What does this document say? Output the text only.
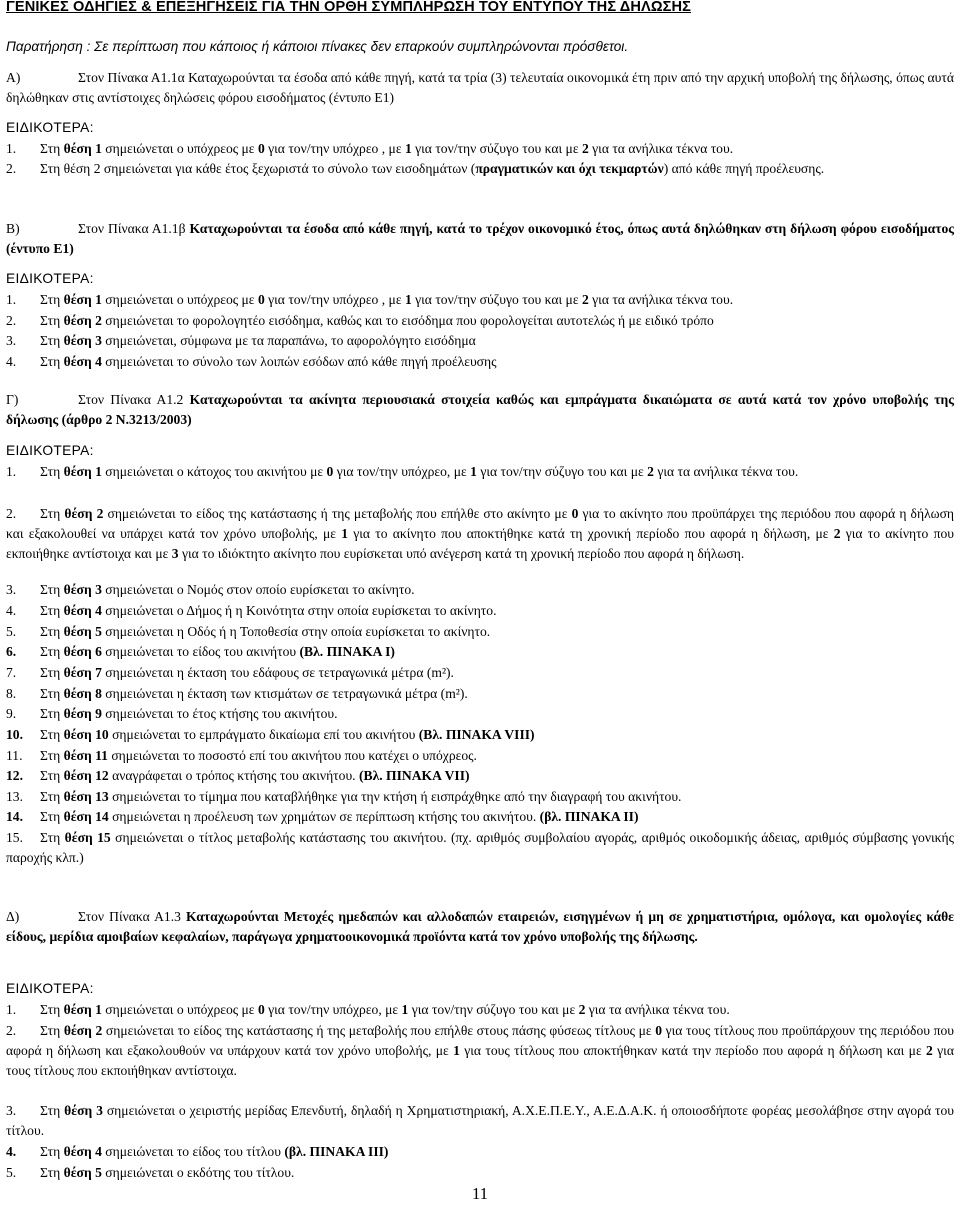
ΓΕΝΙΚΕΣ ΟΔΗΓΙΕΣ & ΕΠΕΞΗΓΗΣΕΙΣ ΓΙΑ ΤΗΝ ΟΡΘΗ ΣΥΜΠΛΗΡΩΣΗ ΤΟΥ ΕΝΤΥΠΟΥ ΤΗΣ ΔΗΛΩΣΗΣ
Παρατήρηση : Σε περίπτωση που κάποιος ή κάποιοι πίνακες δεν επαρκούν συμπληρώνονται πρόσθετοι.
Α)	Στον Πίνακα Α1.1α Καταχωρούνται τα έσοδα από κάθε πηγή, κατά τα τρία (3) τελευταία οικονομικά έτη πριν από την αρχική υποβολή της δήλωσης, όπως αυτά δηλώθηκαν στις αντίστοιχες δηλώσεις φόρου εισοδήματος (έντυπο Ε1)
ΕΙΔΙΚΟΤΕΡΑ:
1. Στη θέση 1 σημειώνεται ο υπόχρεος με 0 για τον/την υπόχρεο , με 1 για τον/την σύζυγο του και με 2 για τα ανήλικα τέκνα του.
2. Στη θέση 2 σημειώνεται για κάθε έτος ξεχωριστά το σύνολο των εισοδημάτων (πραγματικών και όχι τεκμαρτών) από κάθε πηγή προέλευσης.
Β)	Στον Πίνακα Α1.1β Καταχωρούνται τα έσοδα από κάθε πηγή, κατά το τρέχον οικονομικό έτος, όπως αυτά δηλώθηκαν στη δήλωση φόρου εισοδήματος (έντυπο Ε1)
ΕΙΔΙΚΟΤΕΡΑ:
1. Στη θέση 1 σημειώνεται ο υπόχρεος με 0 για τον/την υπόχρεο , με 1 για τον/την σύζυγο του και με 2 για τα ανήλικα τέκνα του.
2. Στη θέση 2 σημειώνεται το φορολογητέο εισόδημα, καθώς και το εισόδημα που φορολογείται αυτοτελώς ή με ειδικό τρόπο
3. Στη θέση 3 σημειώνεται, σύμφωνα με τα παραπάνω, το αφορολόγητο εισόδημα
4. Στη θέση 4 σημειώνεται το σύνολο των λοιπών εσόδων από κάθε πηγή προέλευσης
Γ)	Στον Πίνακα Α1.2 Καταχωρούνται τα ακίνητα περιουσιακά στοιχεία καθώς και εμπράγματα δικαιώματα σε αυτά κατά τον χρόνο υποβολής της δήλωσης (άρθρο 2 Ν.3213/2003)
ΕΙΔΙΚΟΤΕΡΑ:
1. Στη θέση 1 σημειώνεται ο κάτοχος του ακινήτου με 0 για τον/την υπόχρεο, με 1 για τον/την σύζυγο του και με 2 για τα ανήλικα τέκνα του.
2. Στη θέση 2 σημειώνεται το είδος της κατάστασης ή της μεταβολής που επήλθε στο ακίνητο με 0 για το ακίνητο που προϋπάρχει της περιόδου που αφορά η δήλωση και εξακολουθεί να υπάρχει κατά τον χρόνο υποβολής, με 1 για το ακίνητο που αποκτήθηκε κατά τη χρονική περίοδο που αφορά η δήλωση, με 2 για το ακίνητο που εκποιήθηκε αντίστοιχα και με 3 για το ιδιόκτητο ακίνητο που ευρίσκεται υπό ανέγερση κατά τη χρονική περίοδο που αφορά η δήλωση.
3. Στη θέση 3 σημειώνεται ο Νομός στον οποίο ευρίσκεται το ακίνητο.
4. Στη θέση 4 σημειώνεται ο Δήμος ή η Κοινότητα στην οποία ευρίσκεται το ακίνητο.
5. Στη θέση 5 σημειώνεται η Οδός ή η Τοποθεσία στην οποία ευρίσκεται το ακίνητο.
6. Στη θέση 6 σημειώνεται το είδος του ακινήτου (Βλ. ΠΙΝΑΚΑ Ι)
7. Στη θέση 7 σημειώνεται η έκταση του εδάφους σε τετραγωνικά μέτρα (m²).
8. Στη θέση 8 σημειώνεται η έκταση των κτισμάτων σε τετραγωνικά μέτρα (m²).
9. Στη θέση 9 σημειώνεται το έτος κτήσης του ακινήτου.
10. Στη θέση 10 σημειώνεται το εμπράγματο δικαίωμα επί του ακινήτου (Βλ. ΠΙΝΑΚΑ VIII)
11. Στη θέση 11 σημειώνεται το ποσοστό επί του ακινήτου που κατέχει ο υπόχρεος.
12. Στη θέση 12 αναγράφεται ο τρόπος κτήσης του ακινήτου. (Βλ. ΠΙΝΑΚΑ VII)
13. Στη θέση 13 σημειώνεται το τίμημα που καταβλήθηκε για την κτήση ή εισπράχθηκε από την διαγραφή του ακινήτου.
14. Στη θέση 14 σημειώνεται η προέλευση των χρημάτων σε περίπτωση κτήσης του ακινήτου. (βλ. ΠΙΝΑΚΑ ΙΙ)
15. Στη θέση 15 σημειώνεται ο τίτλος μεταβολής κατάστασης του ακινήτου. (πχ. αριθμός συμβολαίου αγοράς, αριθμός οικοδομικής άδειας, αριθμός σύμβασης γονικής παροχής κλπ.)
Δ)	Στον Πίνακα Α1.3 Καταχωρούνται Μετοχές ημεδαπών και αλλοδαπών εταιρειών, εισηγμένων ή μη σε χρηματιστήρια, ομόλογα, και ομολογίες κάθε είδους, μερίδια αμοιβαίων κεφαλαίων, παράγωγα χρηματοοικονομικά προϊόντα κατά τον χρόνο υποβολής της δήλωσης.
ΕΙΔΙΚΟΤΕΡΑ:
1. Στη θέση 1 σημειώνεται ο υπόχρεος με 0 για τον/την υπόχρεο, με 1 για τον/την σύζυγο του και με 2 για τα ανήλικα τέκνα του.
2. Στη θέση 2 σημειώνεται το είδος της κατάστασης ή της μεταβολής που επήλθε στους πάσης φύσεως τίτλους με 0 για τους τίτλους που προϋπάρχουν της περιόδου που αφορά η δήλωση και εξακολουθούν να υπάρχουν κατά τον χρόνο υποβολής, με 1 για τους τίτλους που αποκτήθηκαν κατά την περίοδο που αφορά η δήλωση και με 2 για τους τίτλους που εκποιήθηκαν αντίστοιχα.
3. Στη θέση 3 σημειώνεται ο χειριστής μερίδας Επενδυτή, δηλαδή η Χρηματιστηριακή, Α.Χ.Ε.Π.Ε.Υ., Α.Ε.Δ.Α.Κ. ή οποιοσδήποτε φορέας μεσολάβησε στην αγορά του τίτλου.
4. Στη θέση 4 σημειώνεται το είδος του τίτλου (βλ. ΠΙΝΑΚΑ ΙΙΙ)
5. Στη θέση 5 σημειώνεται ο εκδότης του τίτλου.
11
